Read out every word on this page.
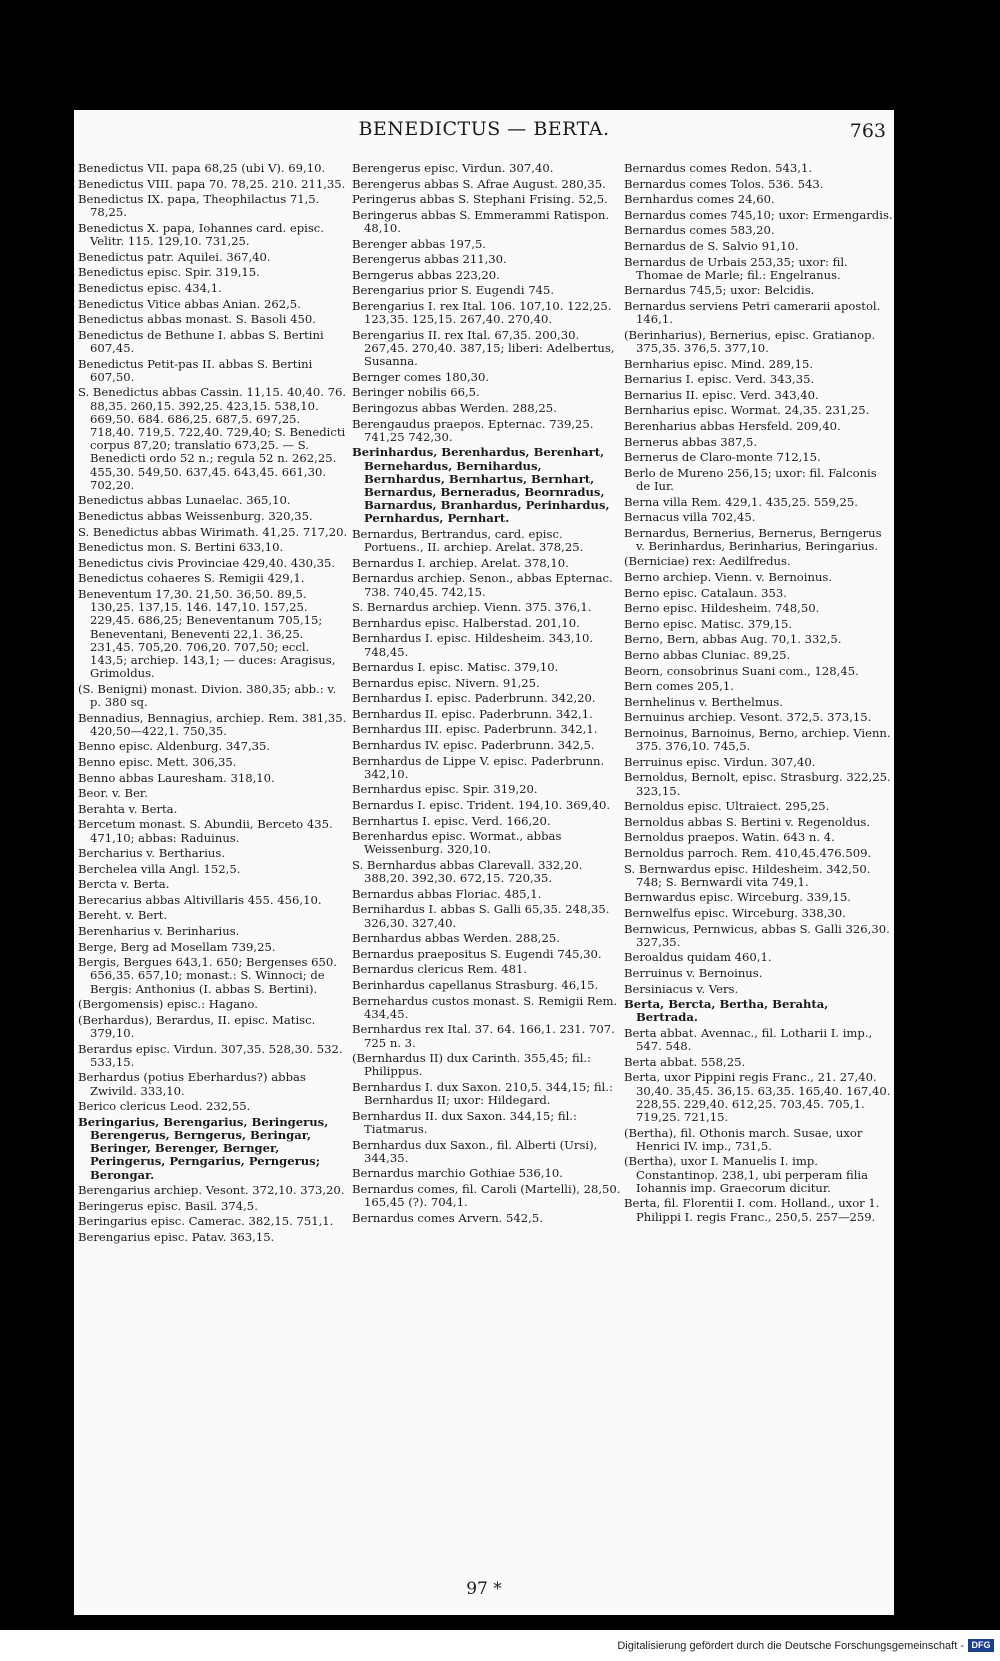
BENEDICTUS — BERTA.	763

Benedictus VII. papa 68,25 (ubi V). 69,10.

Benedictus VIII. papa 70. 78,25. 210. 211,35.

Benedictus IX. papa, Theophilactus 71,5. 78,25.

Benedictus X. papa, Iohannes card. episc. Velitr. 115. 129,10. 731,25.

Benedictus patr. Aquilei. 367,40.

Benedictus episc. Spir. 319,15.

Benedictus episc. 434,1.

Benedictus Vitice abbas Anian. 262,5.

Benedictus abbas monast. S. Basoli 450.

Benedictus de Bethune I. abbas S. Bertini 607,45.

Benedictus Petit-pas II. abbas S. Bertini 607,50.

S. Benedictus abbas Cassin. 11,15. 40,40. 76. 88,35. 260,15. 392,25. 423,15. 538,10. 669,50. 684. 686,25. 687,5. 697,25. 718,40. 719,5. 722,40. 729,40; S. Benedicti corpus 87,20; translatio 673,25. — S. Benedicti ordo 52 n.; regula 52 n. 262,25. 455,30. 549,50. 637,45. 643,45. 661,30. 702,20.

Benedictus abbas Lunaelac. 365,10.

Benedictus abbas Weissenburg. 320,35.

S. Benedictus abbas Wirimath. 41,25. 717,20.

Benedictus mon. S. Bertini 633,10.

Benedictus civis Provinciae 429,40. 430,35.

Benedictus cohaeres S. Remigii 429,1.

Beneventum 17,30. 21,50. 36,50. 89,5. 130,25. 137,15. 146. 147,10. 157,25. 229,45. 686,25; Beneventanum 705,15; Beneventani, Beneventi 22,1. 36,25. 231,45. 705,20. 706,20. 707,50; eccl. 143,5; archiep. 143,1; — duces: Aragisus, Grimoldus.

(S. Benigni) monast. Divion. 380,35; abb.: v. p. 380 sq.

Bennadius, Bennagius, archiep. Rem. 381,35. 420,50—422,1. 750,35.

Benno episc. Aldenburg. 347,35.

Benno episc. Mett. 306,35.

Benno abbas Lauresham. 318,10.

Beor. v. Ber.

Berahta v. Berta.

Bercetum monast. S. Abundii, Berceto 435. 471,10; abbas: Raduinus.

Bercharius v. Bertharius.

Berchelea villa Angl. 152,5.

Bercta v. Berta.

Berecarius abbas Altivillaris 455. 456,10.

Bereht. v. Bert.

Berenharius v. Berinharius.

Berge, Berg ad Mosellam 739,25.

Bergis, Bergues 643,1. 650; Bergenses 650. 656,35. 657,10; monast.: S. Winnoci; de Bergis: Anthonius (I. abbas S. Bertini).

(Bergomensis) episc.: Hagano.

(Berhardus), Berardus, II. episc. Matisc. 379,10.

Berardus episc. Virdun. 307,35. 528,30. 532. 533,15.

Berhardus (potius Eberhardus?) abbas Zwivild. 333,10.

Berico clericus Leod. 232,55.

Beringarius, Berengarius, Beringerus, Berengerus, Berngerus, Beringar, Beringer, Berenger, Bernger, Peringerus, Perngarius, Perngerus; Berongar.

Berengarius archiep. Vesont. 372,10. 373,20.

Beringerus episc. Basil. 374,5.

Beringarius episc. Camerac. 382,15. 751,1.

Berengarius episc. Patav. 363,15.

Berengerus episc. Virdun. 307,40.

Berengerus abbas S. Afrae August. 280,35.

Peringerus abbas S. Stephani Frising. 52,5.

Beringerus abbas S. Emmerammi Ratispon. 48,10.

Berenger abbas 197,5.

Berengerus abbas 211,30.

Berngerus abbas 223,20.

Berengarius prior S. Eugendi 745.

Berengarius I. rex Ital. 106. 107,10. 122,25. 123,35. 125,15. 267,40. 270,40.

Berengarius II. rex Ital. 67,35. 200,30. 267,45. 270,40. 387,15; liberi: Adelbertus, Susanna.

Bernger comes 180,30.

Beringer nobilis 66,5.

Beringozus abbas Werden. 288,25.

Berengaudus praepos. Epternac. 739,25. 741,25 742,30.

Berinhardus, Berenhardus, Berenhart, Bernehardus, Bernihardus, Bernhardus, Bernhartus, Bernhart, Bernardus, Berneradus, Beornradus, Barnardus, Branhardus, Perinhardus, Pernhardus, Pernhart.

Bernardus, Bertrandus, card. episc. Portuens., II. archiep. Arelat. 378,25.

Bernardus I. archiep. Arelat. 378,10.

Bernardus archiep. Senon., abbas Epternac. 738. 740,45. 742,15.

S. Bernardus archiep. Vienn. 375. 376,1.

Bernhardus episc. Halberstad. 201,10.

Bernhardus I. episc. Hildesheim. 343,10. 748,45.

Bernardus I. episc. Matisc. 379,10.

Bernardus episc. Nivern. 91,25.

Bernhardus I. episc. Paderbrunn. 342,20.

Bernhardus II. episc. Paderbrunn. 342,1.

Bernhardus III. episc. Paderbrunn. 342,1.

Bernhardus IV. episc. Paderbrunn. 342,5.

Bernhardus de Lippe V. episc. Paderbrunn. 342,10.

Bernhardus episc. Spir. 319,20.

Bernardus I. episc. Trident. 194,10. 369,40.

Bernhartus I. episc. Verd. 166,20.

Berenhardus episc. Wormat., abbas Weissenburg. 320,10.

S. Bernhardus abbas Clarevall. 332,20. 388,20. 392,30. 672,15. 720,35.

Bernardus abbas Floriac. 485,1.

Bernihardus I. abbas S. Galli 65,35. 248,35. 326,30. 327,40.

Bernhardus abbas Werden. 288,25.

Bernardus praepositus S. Eugendi 745,30.

Bernardus clericus Rem. 481.

Berinhardus capellanus Strasburg. 46,15.

Bernehardus custos monast. S. Remigii Rem. 434,45.

Bernhardus rex Ital. 37. 64. 166,1. 231. 707. 725 n. 3.

(Bernhardus II) dux Carinth. 355,45; fil.: Philippus.

Bernhardus I. dux Saxon. 210,5. 344,15; fil.: Bernhardus II; uxor: Hildegard.

Bernhardus II. dux Saxon. 344,15; fil.: Tiatmarus.

Bernhardus dux Saxon., fil. Alberti (Ursi), 344,35.

Bernardus marchio Gothiae 536,10.

Bernardus comes, fil. Caroli (Martelli), 28,50. 165,45 (?). 704,1.

Bernardus comes Arvern. 542,5.

Bernardus comes Redon. 543,1.

Bernardus comes Tolos. 536. 543.

Bernhardus comes 24,60.

Bernardus comes 745,10; uxor: Ermengardis.

Bernardus comes 583,20.

Bernardus de S. Salvio 91,10.

Bernardus de Urbais 253,35; uxor: fil. Thomae de Marle; fil.: Engelranus.

Bernardus 745,5; uxor: Belcidis.

Bernardus serviens Petri camerarii apostol. 146,1.

(Berinharius), Bernerius, episc. Gratianop. 375,35. 376,5. 377,10.

Bernharius episc. Mind. 289,15.

Bernarius I. episc. Verd. 343,35.

Bernarius II. episc. Verd. 343,40.

Bernharius episc. Wormat. 24,35. 231,25.

Berenharius abbas Hersfeld. 209,40.

Bernerus abbas 387,5.

Bernerus de Claro-monte 712,15.

Berlo de Mureno 256,15; uxor: fil. Falconis de Iur.

Berna villa Rem. 429,1. 435,25. 559,25.

Bernacus villa 702,45.

Bernardus, Bernerius, Bernerus, Berngerus v. Berinhardus, Berinharius, Beringarius.

(Berniciae) rex: Aedilfredus.

Berno archiep. Vienn. v. Bernoinus.

Berno episc. Catalaun. 353.

Berno episc. Hildesheim. 748,50.

Berno episc. Matisc. 379,15.

Berno, Bern, abbas Aug. 70,1. 332,5.

Berno abbas Cluniac. 89,25.

Beorn, consobrinus Suani com., 128,45.

Bern comes 205,1.

Bernhelinus v. Berthelmus.

Bernuinus archiep. Vesont. 372,5. 373,15.

Bernoinus, Barnoinus, Berno, archiep. Vienn. 375. 376,10. 745,5.

Berruinus episc. Virdun. 307,40.

Bernoldus, Bernolt, episc. Strasburg. 322,25. 323,15.

Bernoldus episc. Ultraiect. 295,25.

Bernoldus abbas S. Bertini v. Regenoldus.

Bernoldus praepos. Watin. 643 n. 4.

Bernoldus parroch. Rem. 410,45.476.509.

S. Bernwardus episc. Hildesheim. 342,50. 748; S. Bernwardi vita 749,1.

Bernwardus episc. Wirceburg. 339,15.

Bernwelfus episc. Wirceburg. 338,30.

Bernwicus, Pernwicus, abbas S. Galli 326,30. 327,35.

Beroaldus quidam 460,1.

Berruinus v. Bernoinus.

Bersiniacus v. Vers.

Berta, Bercta, Bertha, Berahta, Bertrada.

Berta abbat. Avennac., fil. Lotharii I. imp., 547. 548.

Berta abbat. 558,25.

Berta, uxor Pippini regis Franc., 21. 27,40. 30,40. 35,45. 36,15. 63,35. 165,40. 167,40. 228,55. 229,40. 612,25. 703,45. 705,1. 719,25. 721,15.

(Bertha), fil. Othonis march. Susae, uxor Henrici IV. imp., 731,5.

(Bertha), uxor I. Manuelis I. imp. Constantinop. 238,1, ubi perperam filia Iohannis imp. Graecorum dicitur.

Berta, fil. Florentii I. com. Holland., uxor 1. Philippi I. regis Franc., 250,5. 257—259.

97 *
Digitalisierung gefördert durch die Deutsche Forschungsgemeinschaft - DFG
